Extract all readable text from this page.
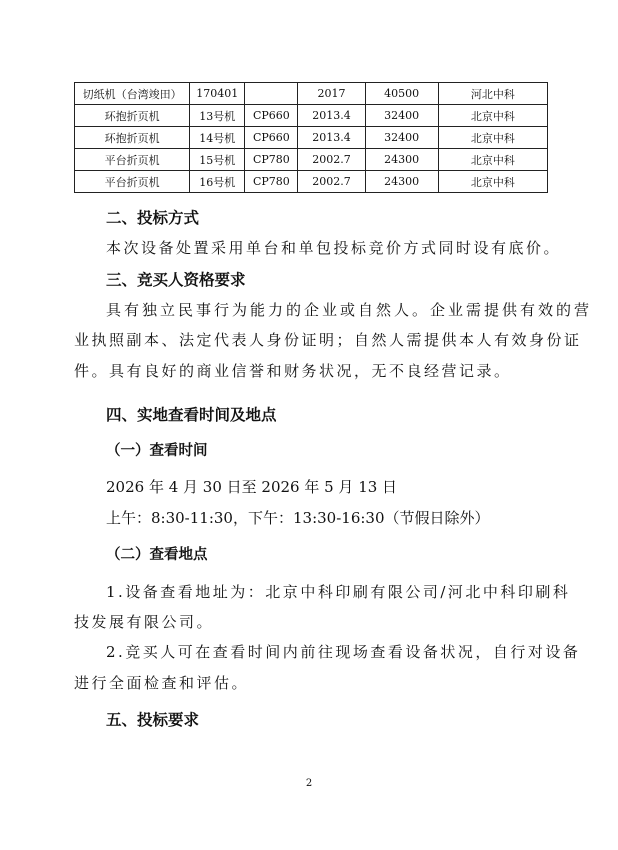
切纸机（台湾竣田）	170401		2017	40500	河北中科
环抱折页机	13号机	CP660	2013.4	32400	北京中科
环抱折页机	14号机	CP660	2013.4	32400	北京中科
平台折页机	15号机	CP780	2002.7	24300	北京中科
平台折页机	16号机	CP780	2002.7	24300	北京中科
二、投标方式
本次设备处置采用单台和单包投标竞价方式同时设有底价。
三、竞买人资格要求
具有独立民事行为能力的企业或自然人。企业需提供有效的营
业执照副本、法定代表人身份证明；自然人需提供本人有效身份证
件。具有良好的商业信誉和财务状况，无不良经营记录。
四、实地查看时间及地点
（一）查看时间
2026 年 4 月 30 日至 2026 年 5 月 13 日
上午：8:30-11:30，下午：13:30-16:30（节假日除外）
（二）查看地点
1.设备查看地址为：北京中科印刷有限公司/河北中科印刷科
技发展有限公司。
2.竞买人可在查看时间内前往现场查看设备状况，自行对设备
进行全面检查和评估。
五、投标要求
2
